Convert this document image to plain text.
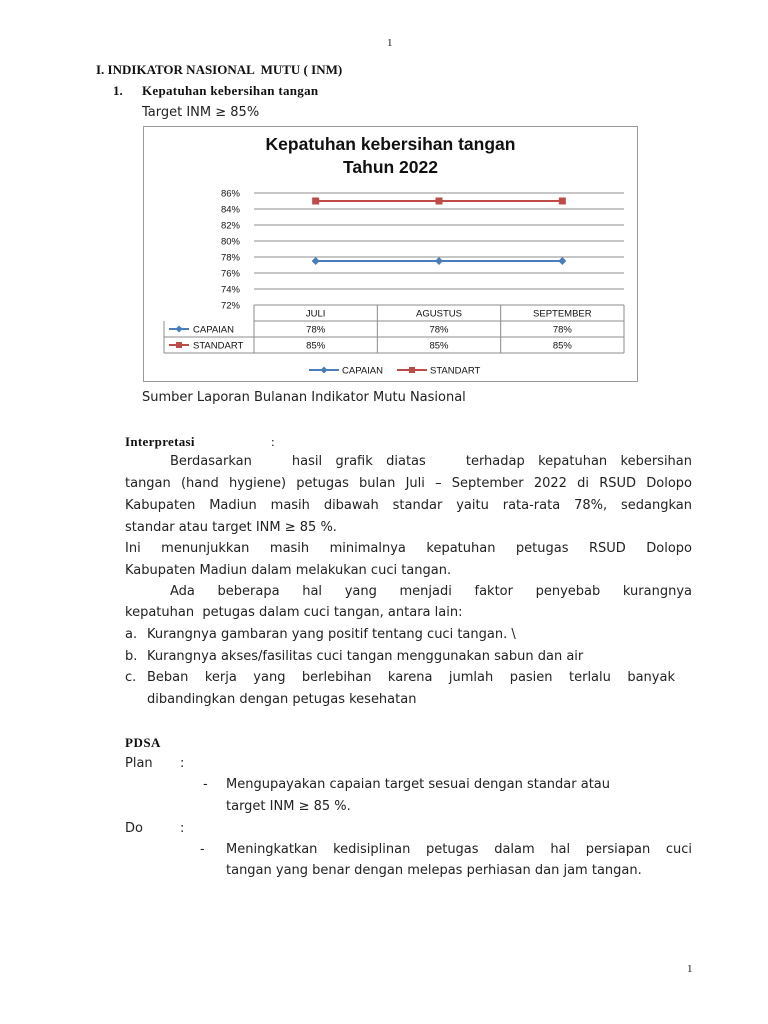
1
I. INDIKATOR NASIONAL  MUTU ( INM)
1. Kepatuhan kebersihan tangan
Target INM ≥ 85%
Kepatuhan kebersihan tangan
Tahun 2022
72%
74%
76%
78%
80%
82%
84%
86%
JULI	AGUSTUS	SEPTEMBER
CAPAIAN	78%	78%	78%
CAPAIAN
STANDART	85%	85%	85%
STANDART
Sumber Laporan Bulanan Indikator Mutu Nasional
Interpretasi	:
Berdasarkan   hasil grafik diatas   terhadap kepatuhan kebersihan
tangan (hand hygiene) petugas bulan Juli – September 2022 di RSUD Dolopo
Kabupaten Madiun masih dibawah standar yaitu rata-rata 78%, sedangkan
standar atau target INM ≥ 85 %.
Ini menunjukkan masih minimalnya kepatuhan petugas RSUD Dolopo
Kabupaten Madiun dalam melakukan cuci tangan.
Ada    beberapa    hal    yang    menjadi    faktor    penyebab    kurangnya
kepatuhan  petugas dalam cuci tangan, antara lain:
a. Kurangnya gambaran yang positif tentang cuci tangan. \
b. Kurangnya akses/fasilitas cuci tangan menggunakan sabun dan air
c. Beban kerja yang berlebihan karena jumlah pasien terlalu banyak
dibandingkan dengan petugas kesehatan
PDSA
Plan :
- Mengupayakan capaian target sesuai dengan standar atau
target INM ≥ 85 %.
Do	:
- Meningkatkan kedisiplinan petugas dalam hal persiapan cuci
tangan yang benar dengan melepas perhiasan dan jam tangan.
1
